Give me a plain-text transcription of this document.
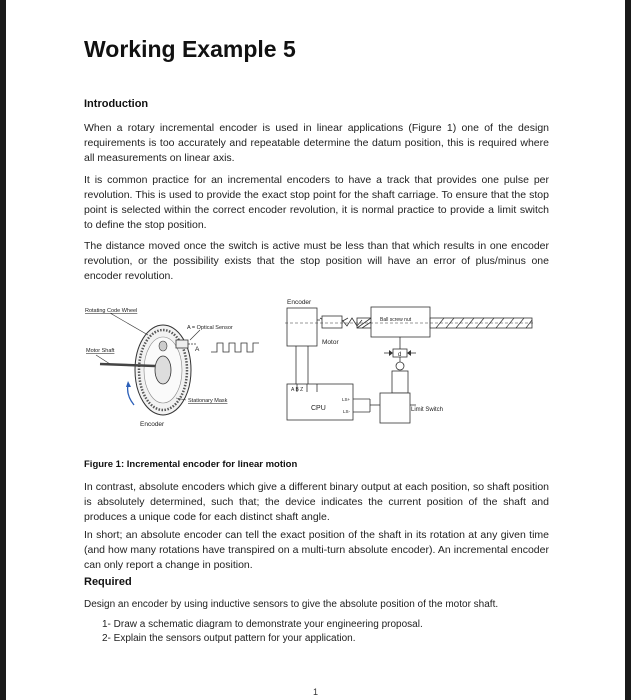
Working Example 5
Introduction

When a rotary incremental encoder is used in linear applications (Figure 1) one of the design requirements is too accurately and repeatable determine the datum position, this is required where all measurements on linear axis.

It is common practice for an incremental encoders to have a track that provides one pulse per revolution. This is used to provide the exact stop point for the shaft carriage. To ensure that the stop point is selected within the correct encoder revolution, it is normal practice to provide a limit switch to define the stop position.

The distance moved once the switch is active must be less than that which results in one encoder revolution, or the possibility exists that the stop position will have an error of plus/minus one encoder revolution.

Figure 1: Incremental encoder for linear motion

In contrast, absolute encoders which give a different binary output at each position, so shaft position is absolutely determined, such that; the device indicates the current position of the shaft and produces a unique code for each distinct shaft angle.

In short; an absolute encoder can tell the exact position of the shaft in its rotation at any given time (and how many rotations have transpired on a multi-turn absolute encoder). An incremental encoder can only report a change in position.

Required

Design an encoder by using inductive sensors to give the absolute position of the motor shaft.

1- Draw a schematic diagram to demonstrate your engineering proposal.
2- Explain the sensors output pattern for your application.
1
Rotating Code Wheel
A = Optical Sensor
Motor Shaft	A
Stationary Mask
Encoder
Encoder
Motor
Ball screw nut
d
A B Z
CPU
LS+
LS-	Limit Switch
